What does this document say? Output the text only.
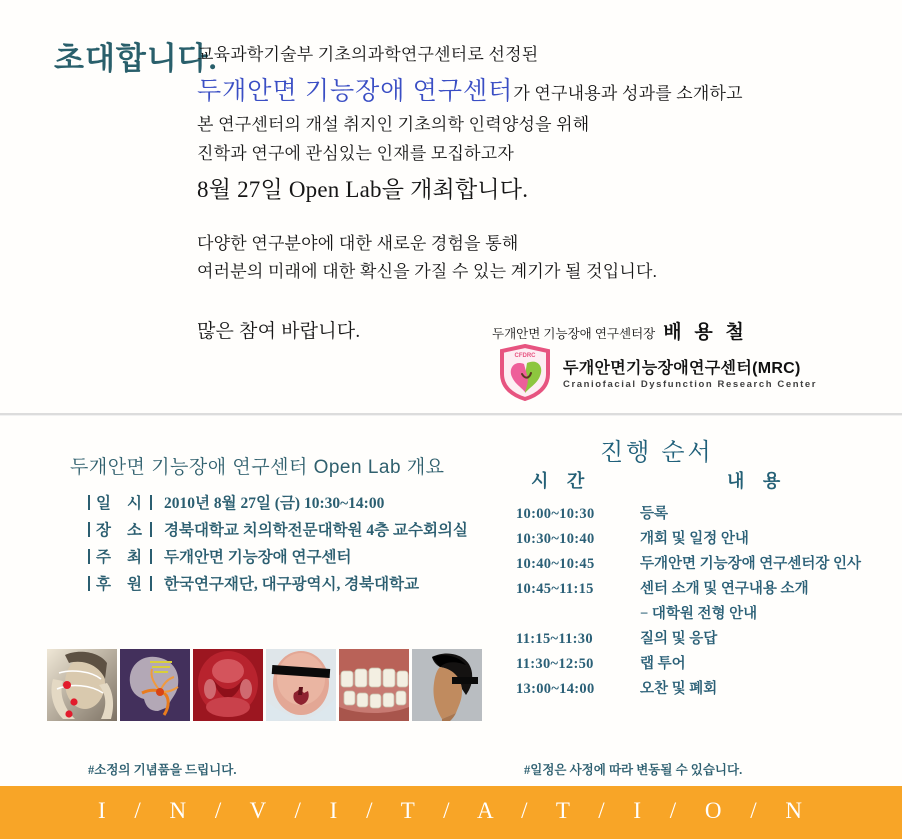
초대합니다.
교육과학기술부 기초의과학연구센터로 선정된
두개안면 기능장애 연구센터가 연구내용과 성과를 소개하고
본 연구센터의 개설 취지인 기초의학 인력양성을 위해
진학과 연구에 관심있는 인재를 모집하고자
8월 27일 Open Lab을 개최합니다.
다양한 연구분야에 대한 새로운 경험을 통해
여러분의 미래에 대한 확신을 가질 수 있는 계기가 될 것입니다.
많은 참여 바랍니다.	두개안면 기능장애 연구센터장 배 용 철
CFDRC
두개안면기능장애연구센터(MRC)
Craniofacial Dysfunction Research Center
두개안면 기능장애 연구센터 Open Lab 개요
일 시 2010년 8월 27일 (금) 10:30~14:00
장 소 경북대학교 치의학전문대학원 4층 교수회의실
주 최 두개안면 기능장애 연구센터
후 원 한국연구재단, 대구광역시, 경북대학교
#소정의 기념품을 드립니다.
진행 순서
시 간	내 용
10:00~10:30	등록
10:30~10:40	개회 및 일정 안내
10:40~10:45	두개안면 기능장애 연구센터장 인사
10:45~11:15	센터 소개 및 연구내용 소개
− 대학원 전형 안내
11:15~11:30	질의 및 응답
11:30~12:50	랩 투어
13:00~14:00	오찬 및 폐회
#일정은 사정에 따라 변동될 수 있습니다.
I / N / V / I / T / A / T / I / O / N
